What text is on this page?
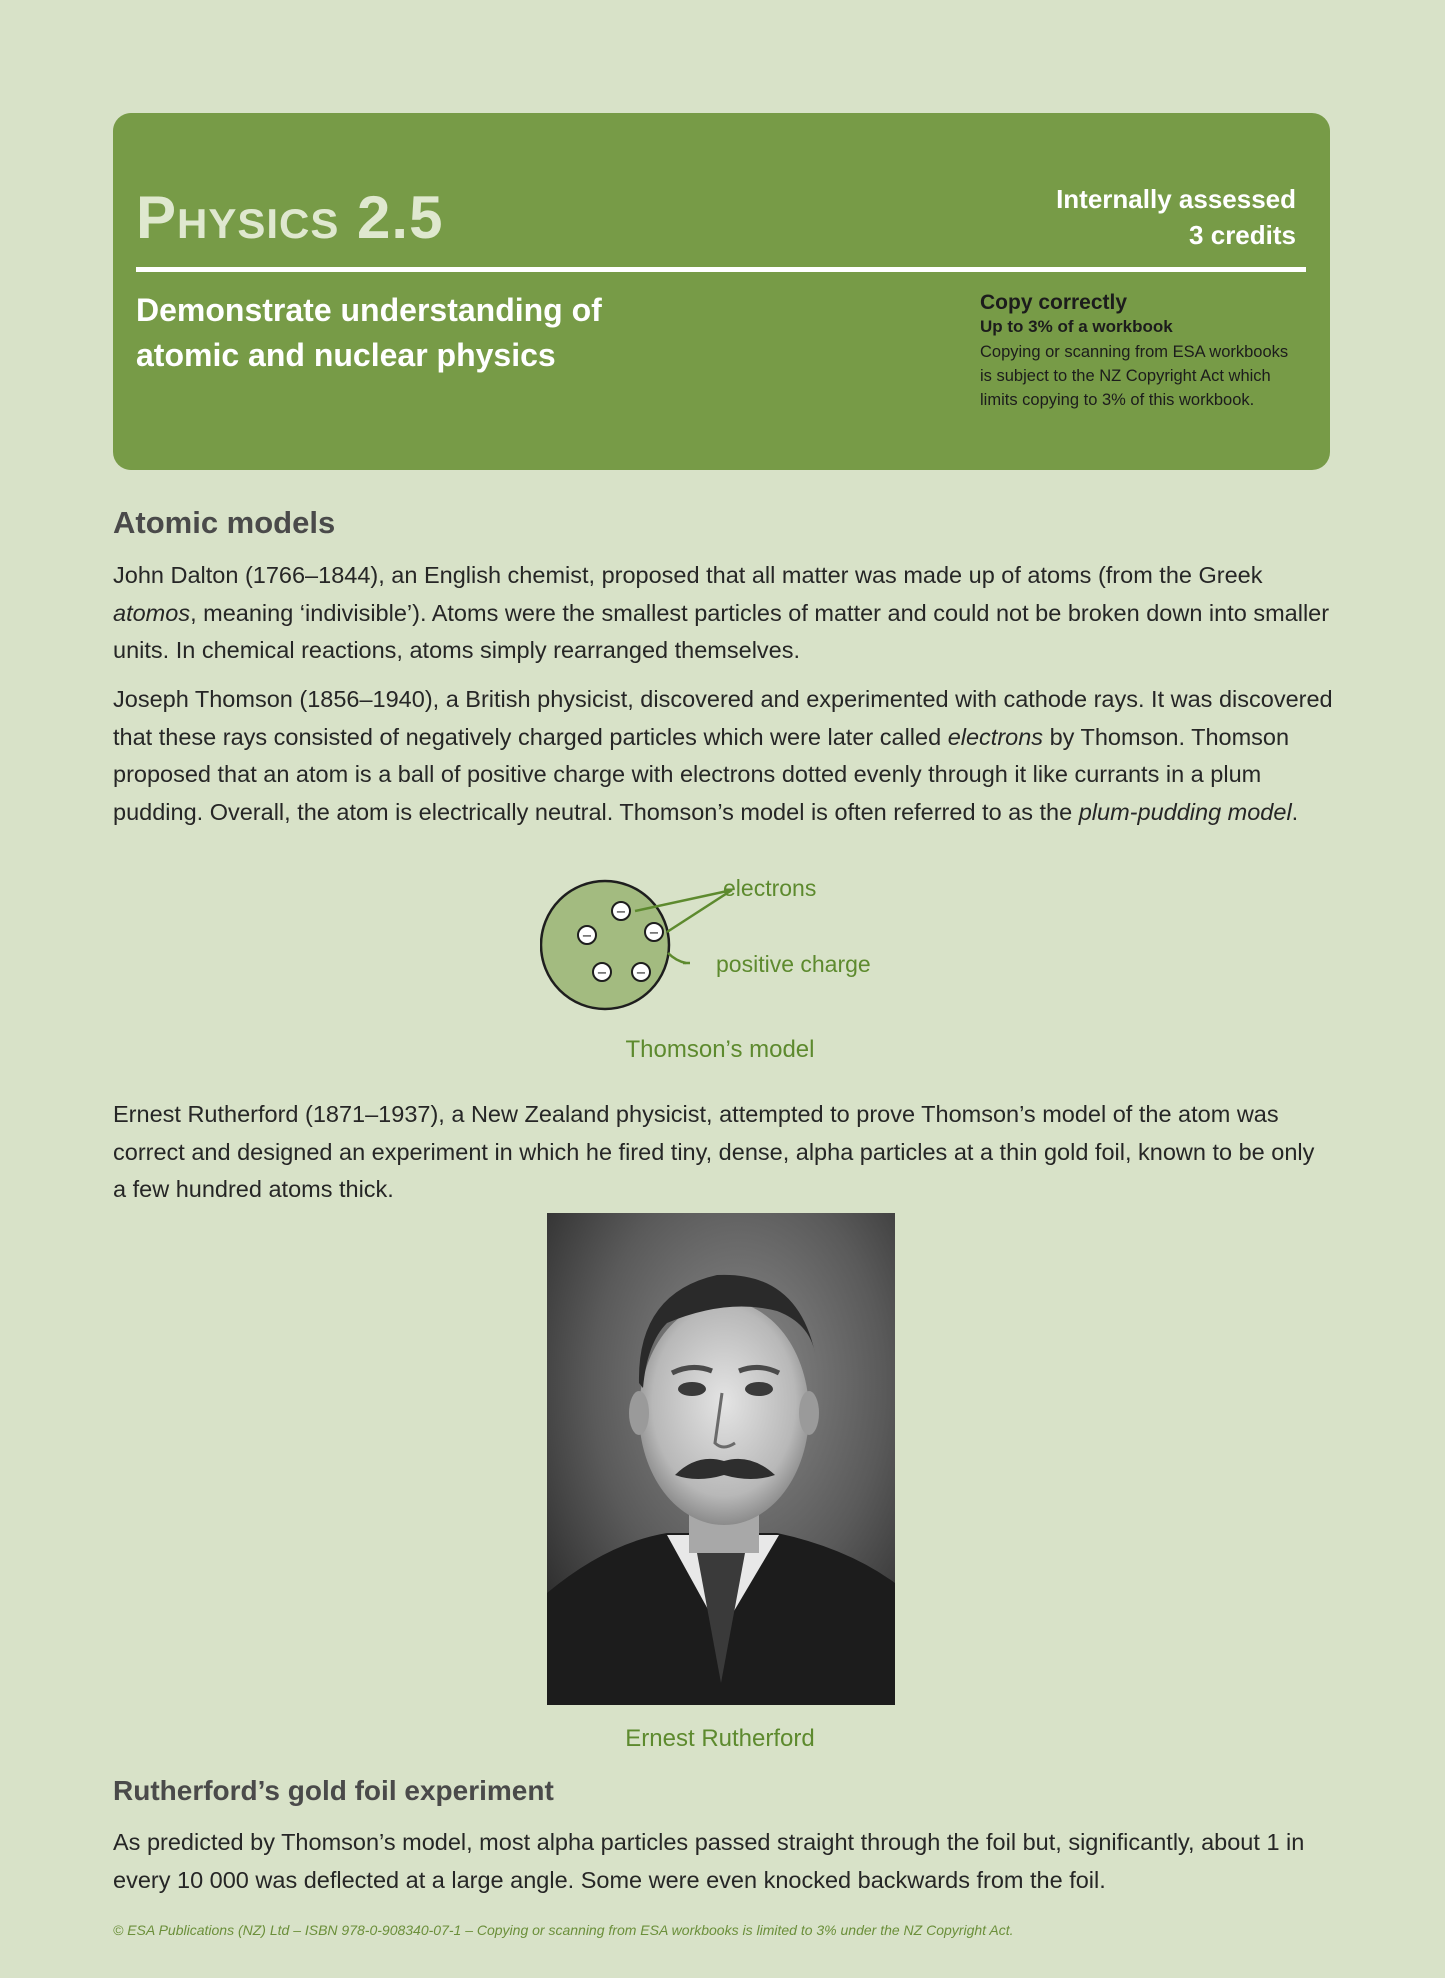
Physics 2.5	Internally assessed
3 credits
Demonstrate understanding of
atomic and nuclear physics
Copy correctly
Up to 3% of a workbook
Copying or scanning from ESA workbooks is subject to the NZ Copyright Act which limits copying to 3% of this workbook.
Atomic models
John Dalton (1766–1844), an English chemist, proposed that all matter was made up of atoms (from the Greek atomos, meaning ‘indivisible’). Atoms were the smallest particles of matter and could not be broken down into smaller units. In chemical reactions, atoms simply rearranged themselves.
Joseph Thomson (1856–1940), a British physicist, discovered and experimented with cathode rays. It was discovered that these rays consisted of negatively charged particles which were later called electrons by Thomson. Thomson proposed that an atom is a ball of positive charge with electrons dotted evenly through it like currants in a plum pudding. Overall, the atom is electrically neutral. Thomson’s model is often referred to as the plum-pudding model.
−
−	−
− −
electrons
positive charge
Thomson’s model
Ernest Rutherford (1871–1937), a New Zealand physicist, attempted to prove Thomson’s model of the atom was correct and designed an experiment in which he fired tiny, dense, alpha particles at a thin gold foil, known to be only a few hundred atoms thick.
Ernest Rutherford
Rutherford’s gold foil experiment
As predicted by Thomson’s model, most alpha particles passed straight through the foil but, significantly, about 1 in every 10 000 was deflected at a large angle. Some were even knocked backwards from the foil.
© ESA Publications (NZ) Ltd – ISBN 978-0-908340-07-1 – Copying or scanning from ESA workbooks is limited to 3% under the NZ Copyright Act.
